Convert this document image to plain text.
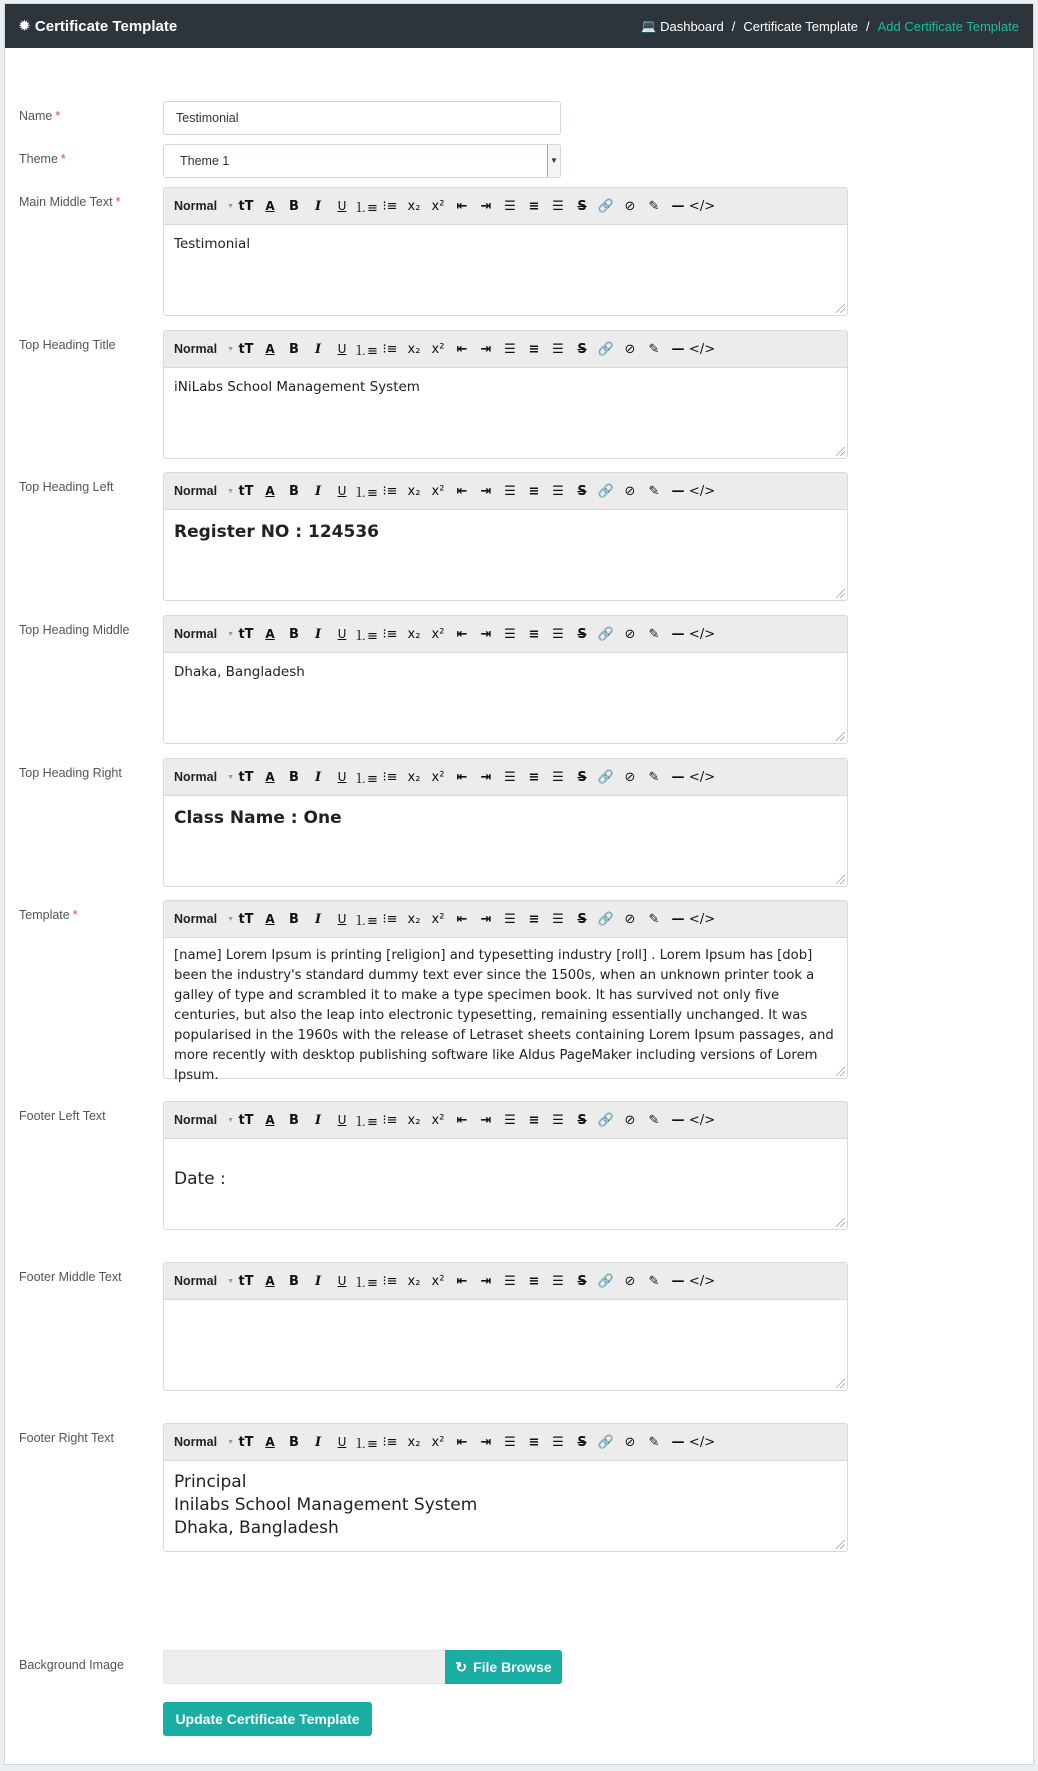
✹ Certificate Template	💻 Dashboard / Certificate Template / Add Certificate Template
Name *	Testimonial
Theme *	Theme 1	▼
Main Middle Text *	Normal ▼ tT A	B	I	U ⒈≡ ⁝≡ x₂ x² ⇤	⇥ ☰ ≡ ☰	S 🔗 ⊘	✎ — </>
Testimonial
Top Heading Title	Normal ▼ tT A	B	I	U ⒈≡ ⁝≡ x₂ x² ⇤	⇥ ☰ ≡ ☰	S 🔗 ⊘	✎ — </>
iNiLabs School Management System
Top Heading Left	Normal ▼ tT A	B	I	U ⒈≡ ⁝≡ x₂ x² ⇤	⇥ ☰ ≡ ☰	S 🔗 ⊘	✎ — </>
Register NO : 124536
Top Heading Middle	Normal ▼ tT A	B	I	U ⒈≡ ⁝≡ x₂ x² ⇤	⇥ ☰ ≡ ☰	S 🔗 ⊘	✎ — </>
Dhaka, Bangladesh
Top Heading Right	Normal ▼ tT A	B	I	U ⒈≡ ⁝≡ x₂ x² ⇤	⇥ ☰ ≡ ☰	S 🔗 ⊘	✎ — </>
Class Name : One
Template *	Normal ▼ tT A	B	I	U ⒈≡ ⁝≡ x₂ x² ⇤	⇥ ☰ ≡ ☰	S 🔗 ⊘	✎ — </>
[name] Lorem Ipsum is printing [religion] and typesetting industry [roll] . Lorem Ipsum has [dob] been the industry's standard dummy text ever since the 1500s, when an unknown printer took a galley of type and scrambled it to make a type specimen book. It has survived not only five centuries, but also the leap into electronic typesetting, remaining essentially unchanged. It was popularised in the 1960s with the release of Letraset sheets containing Lorem Ipsum passages, and more recently with desktop publishing software like Aldus PageMaker including versions of Lorem Ipsum.
Footer Left Text	Normal ▼ tT A	B	I	U ⒈≡ ⁝≡ x₂ x² ⇤	⇥ ☰ ≡ ☰	S 🔗 ⊘	✎ — </>
Date :
Footer Middle Text	Normal ▼ tT A	B	I	U ⒈≡ ⁝≡ x₂ x² ⇤	⇥ ☰ ≡ ☰	S 🔗 ⊘	✎ — </>
Footer Right Text	Normal ▼ tT A	B	I	U ⒈≡ ⁝≡ x₂ x² ⇤	⇥ ☰ ≡ ☰	S 🔗 ⊘	✎ — </>
Principal
Inilabs School Management System
Dhaka, Bangladesh
Background Image	↻ File Browse
Update Certificate Template
